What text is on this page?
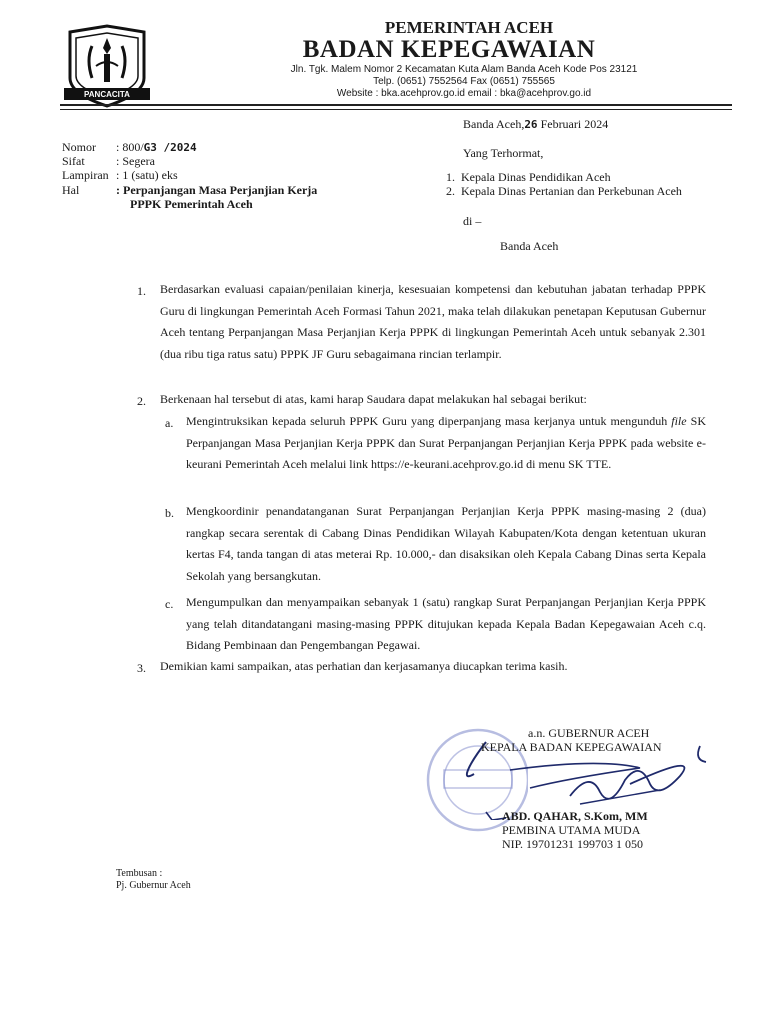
PANCACITA
PEMERINTAH ACEH
BADAN KEPEGAWAIAN
Jln. Tgk. Malem Nomor 2 Kecamatan Kuta Alam Banda Aceh Kode Pos 23121
Telp. (0651) 7552564 Fax (0651) 755565
Website : bka.acehprov.go.id email : bka@acehprov.go.id
Nomor : 800/G3 /2024
Sifat	: Segera
Lampiran : 1 (satu) eks
Hal	: Perpanjangan Masa Perjanjian Kerja
PPPK Pemerintah Aceh
Banda Aceh,26 Februari 2024
Yang Terhormat,
1. Kepala Dinas Pendidikan Aceh
2. Kepala Dinas Pertanian dan Perkebunan Aceh
di –
Banda Aceh
1. Berdasarkan evaluasi capaian/penilaian kinerja, kesesuaian kompetensi dan kebutuhan jabatan terhadap PPPK Guru di lingkungan Pemerintah Aceh Formasi Tahun 2021, maka telah dilakukan penetapan Keputusan Gubernur Aceh tentang Perpanjangan Masa Perjanjian Kerja PPPK di lingkungan Pemerintah Aceh untuk sebanyak 2.301 (dua ribu tiga ratus satu) PPPK JF Guru sebagaimana rincian terlampir.
2. Berkenaan hal tersebut di atas, kami harap Saudara dapat melakukan hal sebagai berikut:
a. Mengintruksikan kepada seluruh PPPK Guru yang diperpanjang masa kerjanya untuk mengunduh file SK Perpanjangan Masa Perjanjian Kerja PPPK dan Surat Perpanjangan Perjanjian Kerja PPPK pada website e-keurani Pemerintah Aceh melalui link https://e-keurani.acehprov.go.id di menu SK TTE.
b. Mengkoordinir penandatanganan Surat Perpanjangan Perjanjian Kerja PPPK masing-masing 2 (dua) rangkap secara serentak di Cabang Dinas Pendidikan Wilayah Kabupaten/Kota dengan ketentuan ukuran kertas F4, tanda tangan di atas meterai Rp. 10.000,- dan disaksikan oleh Kepala Cabang Dinas serta Kepala Sekolah yang bersangkutan.
c. Mengumpulkan dan menyampaikan sebanyak 1 (satu) rangkap Surat Perpanjangan Perjanjian Kerja PPPK yang telah ditandatangani masing-masing PPPK ditujukan kepada Kepala Badan Kepegawaian Aceh c.q. Bidang Pembinaan dan Pengembangan Pegawai.
3. Demikian kami sampaikan, atas perhatian dan kerjasamanya diucapkan terima kasih.
a.n. GUBERNUR ACEH
KEPALA BADAN KEPEGAWAIAN
ABD. QAHAR, S.Kom, MM
PEMBINA UTAMA MUDA
NIP. 19701231 199703 1 050
Tembusan :
Pj. Gubernur Aceh
